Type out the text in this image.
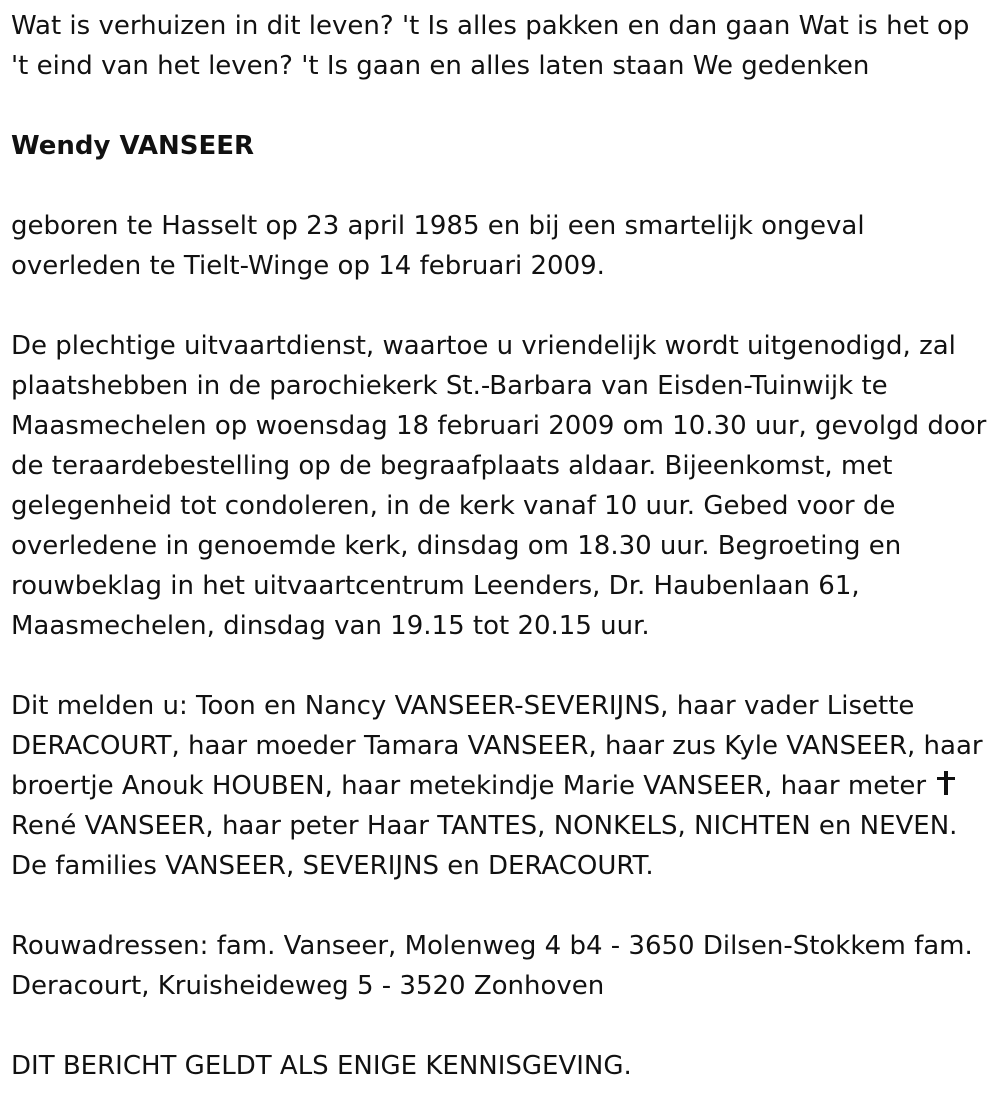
Wat is verhuizen in dit leven? 't Is alles pakken en dan gaan Wat is het op 't eind van het leven? 't Is gaan en alles laten staan We gedenken

Wendy VANSEER

geboren te Hasselt op 23 april 1985 en bij een smartelijk ongeval overleden te Tielt-Winge op 14 februari 2009.

De plechtige uitvaartdienst, waartoe u vriendelijk wordt uitgenodigd, zal plaatshebben in de parochiekerk St.-Barbara van Eisden-Tuinwijk te Maasmechelen op woensdag 18 februari 2009 om 10.30 uur, gevolgd door de teraardebestelling op de begraafplaats aldaar. Bijeenkomst, met gelegenheid tot condoleren, in de kerk vanaf 10 uur. Gebed voor de overledene in genoemde kerk, dinsdag om 18.30 uur. Begroeting en rouwbeklag in het uitvaartcentrum Leenders, Dr. Haubenlaan 61, Maasmechelen, dinsdag van 19.15 tot 20.15 uur.

Dit melden u: Toon en Nancy VANSEER-SEVERIJNS, haar vader Lisette DERACOURT, haar moeder Tamara VANSEER, haar zus Kyle VANSEER, haar broertje Anouk HOUBEN, haar metekindje Marie VANSEER, haar meter  René VANSEER, haar peter Haar TANTES, NONKELS, NICHTEN en NEVEN. De families VANSEER, SEVERIJNS en DERACOURT.

Rouwadressen: fam. Vanseer, Molenweg 4 b4 - 3650 Dilsen-Stokkem fam. Deracourt, Kruisheideweg 5 - 3520 Zonhoven

DIT BERICHT GELDT ALS ENIGE KENNISGEVING.
